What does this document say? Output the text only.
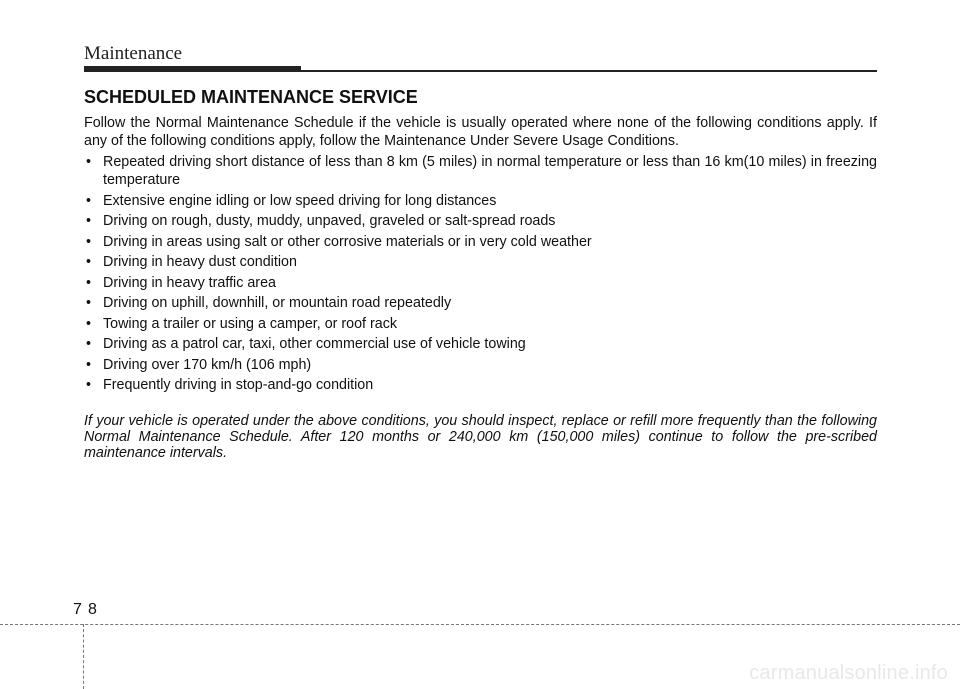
Maintenance
SCHEDULED MAINTENANCE SERVICE

Follow the Normal Maintenance Schedule if the vehicle is usually operated where none of the following conditions apply. If any of the following conditions apply, follow the Maintenance Under Severe Usage Conditions.

• Repeated driving short distance of less than 8 km (5 miles) in normal temperature or less than 16 km(10 miles) in freezing temperature
• Extensive engine idling or low speed driving for long distances
• Driving on rough, dusty, muddy, unpaved, graveled or salt-spread roads
• Driving in areas using salt or other corrosive materials or in very cold weather
• Driving in heavy dust condition
• Driving in heavy traffic area
• Driving on uphill, downhill, or mountain road repeatedly
• Towing a trailer or using a camper, or roof rack
• Driving as a patrol car, taxi, other commercial use of vehicle towing
• Driving over 170 km/h (106 mph)
• Frequently driving in stop-and-go condition

If your vehicle is operated under the above conditions, you should inspect, replace or refill more frequently than the following Normal Maintenance Schedule. After 120 months or 240,000 km (150,000 miles) continue to follow the pre-scribed maintenance intervals.

7 8
carmanualsonline.info
